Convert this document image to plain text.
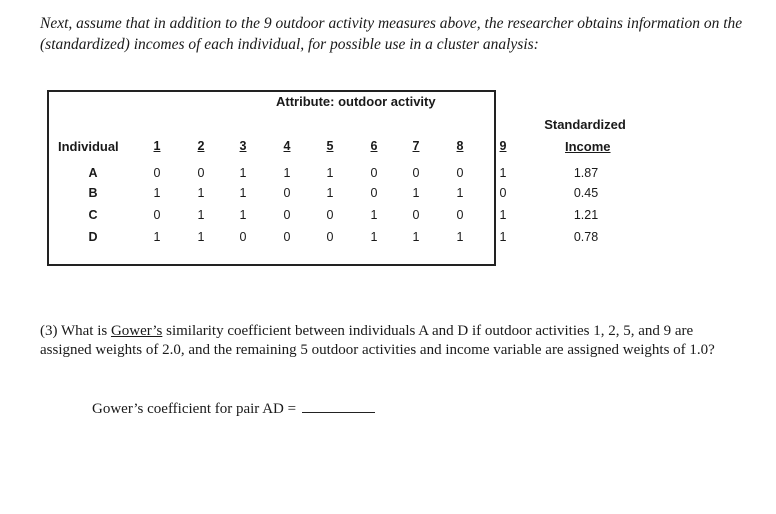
Next, assume that in addition to the 9 outdoor activity measures above, the researcher obtains information on the (standardized) incomes of each individual, for possible use in a cluster analysis:
Attribute: outdoor activity
Standardized
Individual	1	2	3	4	5	6	7	8	9	Income
A	0	0	1	1	1	0	0	0	1	1.87
B	1	1	1	0	1	0	1	1	0	0.45
C	0	1	1	0	0	1	0	0	1	1.21
D	1	1	0	0	0	1	1	1	1	0.78
(3) What is Gower’s similarity coefficient between individuals A and D if outdoor activities 1, 2, 5, and 9 are assigned weights of 2.0, and the remaining 5 outdoor activities and income variable are assigned weights of 1.0?
Gower’s coefficient for pair AD =
